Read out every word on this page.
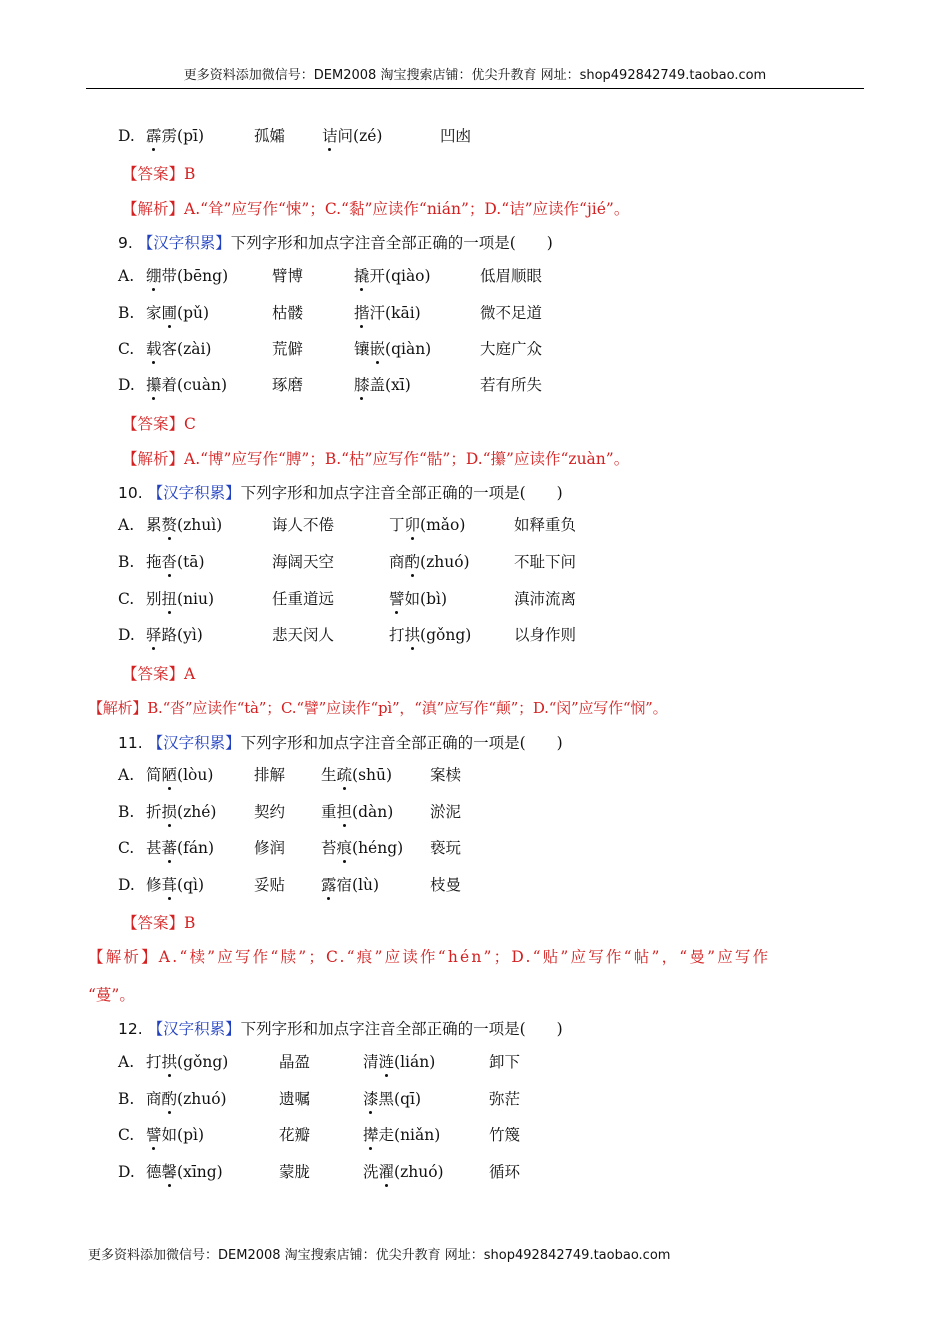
更多资料添加微信号：DEM2008 淘宝搜索店铺：优尖升教育 网址：shop492842749.taobao.com
D. 霹雳(pī)	孤孀 诘问(zé)	凹凼
【答案】B
【解析】A.“耸”应写作“悚”；C.“黏”应读作“nián”；D.“诘”应读作“jié”。
9. 【汉字积累】下列字形和加点字注音全部正确的一项是(　　)
A. 绷带(bēng)	臂博	撬开(qiào)	低眉顺眼
B. 家圃(pǔ)	枯髅	揩汗(kāi)	微不足道
C. 载客(zài)	荒僻	镶嵌(qiàn)	大庭广众
D. 攥着(cuàn)	琢磨	膝盖(xī)	若有所失
【答案】C
【解析】A.“博”应写作“膊”；B.“枯”应写作“骷”；D.“攥”应读作“zuàn”。
10. 【汉字积累】下列字形和加点字注音全部正确的一项是(　　)
A. 累赘(zhuì)	诲人不倦	丁卯(mǎo)	如释重负
B. 拖沓(tā)	海阔天空	商酌(zhuó)	不耻下问
C. 别扭(niu)	任重道远	譬如(bì)	滇沛流离
D. 驿路(yì)	悲天闵人	打拱(gǒng)	以身作则
【答案】A
【解析】B.“沓”应读作“tà”；C.“譬”应读作“pì”，“滇”应写作“颠”；D.“闵”应写作“悯”。
11. 【汉字积累】下列字形和加点字注音全部正确的一项是(　　)
A. 简陋(lòu)	排解 生疏(shū) 案椟
B. 折损(zhé) 契约 重担(dàn) 淤泥
C. 甚蕃(fán)	修润 苔痕(héng) 亵玩
D. 修葺(qì)	妥贴 露宿(lù)	枝曼
【答案】B
【解析】A.“椟”应写作“牍”；C.“痕”应读作“hén”；D.“贴”应写作“帖”，“曼”应写作
“蔓”。
12. 【汉字积累】下列字形和加点字注音全部正确的一项是(　　)
A. 打拱(gǒng)	晶盈	清涟(lián)	卸下
B. 商酌(zhuó)	遗嘱	漆黑(qī)	弥茫
C. 譬如(pì)	花瓣	撵走(niǎn)	竹篾
D. 德馨(xīng)	蒙胧	洗濯(zhuó)	循环
更多资料添加微信号：DEM2008 淘宝搜索店铺：优尖升教育 网址：shop492842749.taobao.com
